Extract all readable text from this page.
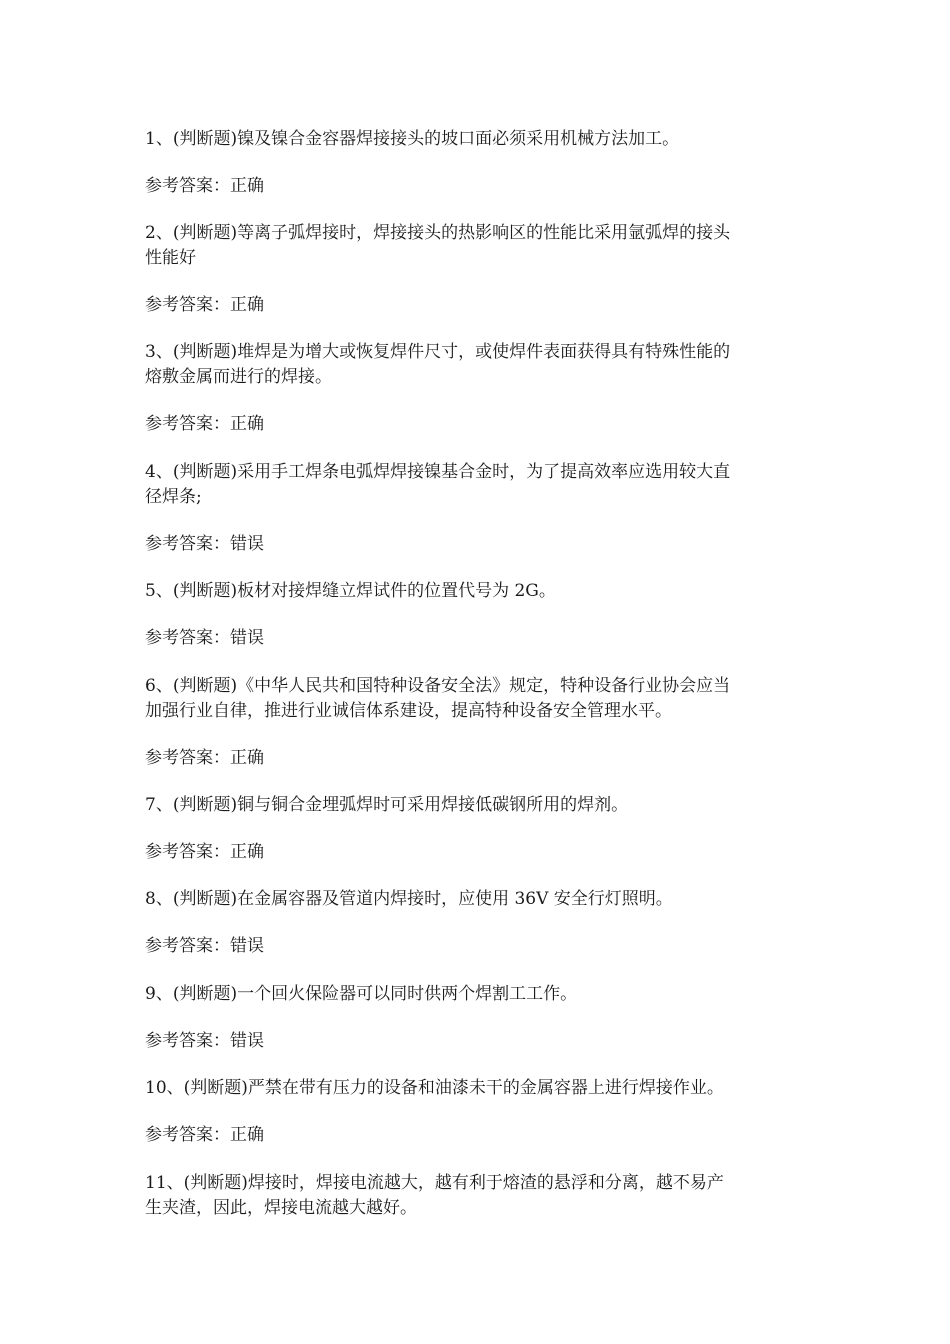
1、(判断题)镍及镍合金容器焊接接头的坡口面必须采用机械方法加工。
参考答案：正确
2、(判断题)等离子弧焊接时，焊接接头的热影响区的性能比采用氩弧焊的接头
性能好
参考答案：正确
3、(判断题)堆焊是为增大或恢复焊件尺寸，或使焊件表面获得具有特殊性能的
熔敷金属而进行的焊接。
参考答案：正确
4、(判断题)采用手工焊条电弧焊焊接镍基合金时，为了提高效率应选用较大直
径焊条;
参考答案：错误
5、(判断题)板材对接焊缝立焊试件的位置代号为 2G。
参考答案：错误
6、(判断题)《中华人民共和国特种设备安全法》规定，特种设备行业协会应当
加强行业自律，推进行业诚信体系建设，提高特种设备安全管理水平。
参考答案：正确
7、(判断题)铜与铜合金埋弧焊时可采用焊接低碳钢所用的焊剂。
参考答案：正确
8、(判断题)在金属容器及管道内焊接时，应使用 36V 安全行灯照明。
参考答案：错误
9、(判断题)一个回火保险器可以同时供两个焊割工工作。
参考答案：错误
10、(判断题)严禁在带有压力的设备和油漆未干的金属容器上进行焊接作业。
参考答案：正确
11、(判断题)焊接时，焊接电流越大，越有利于熔渣的悬浮和分离，越不易产
生夹渣，因此，焊接电流越大越好。
